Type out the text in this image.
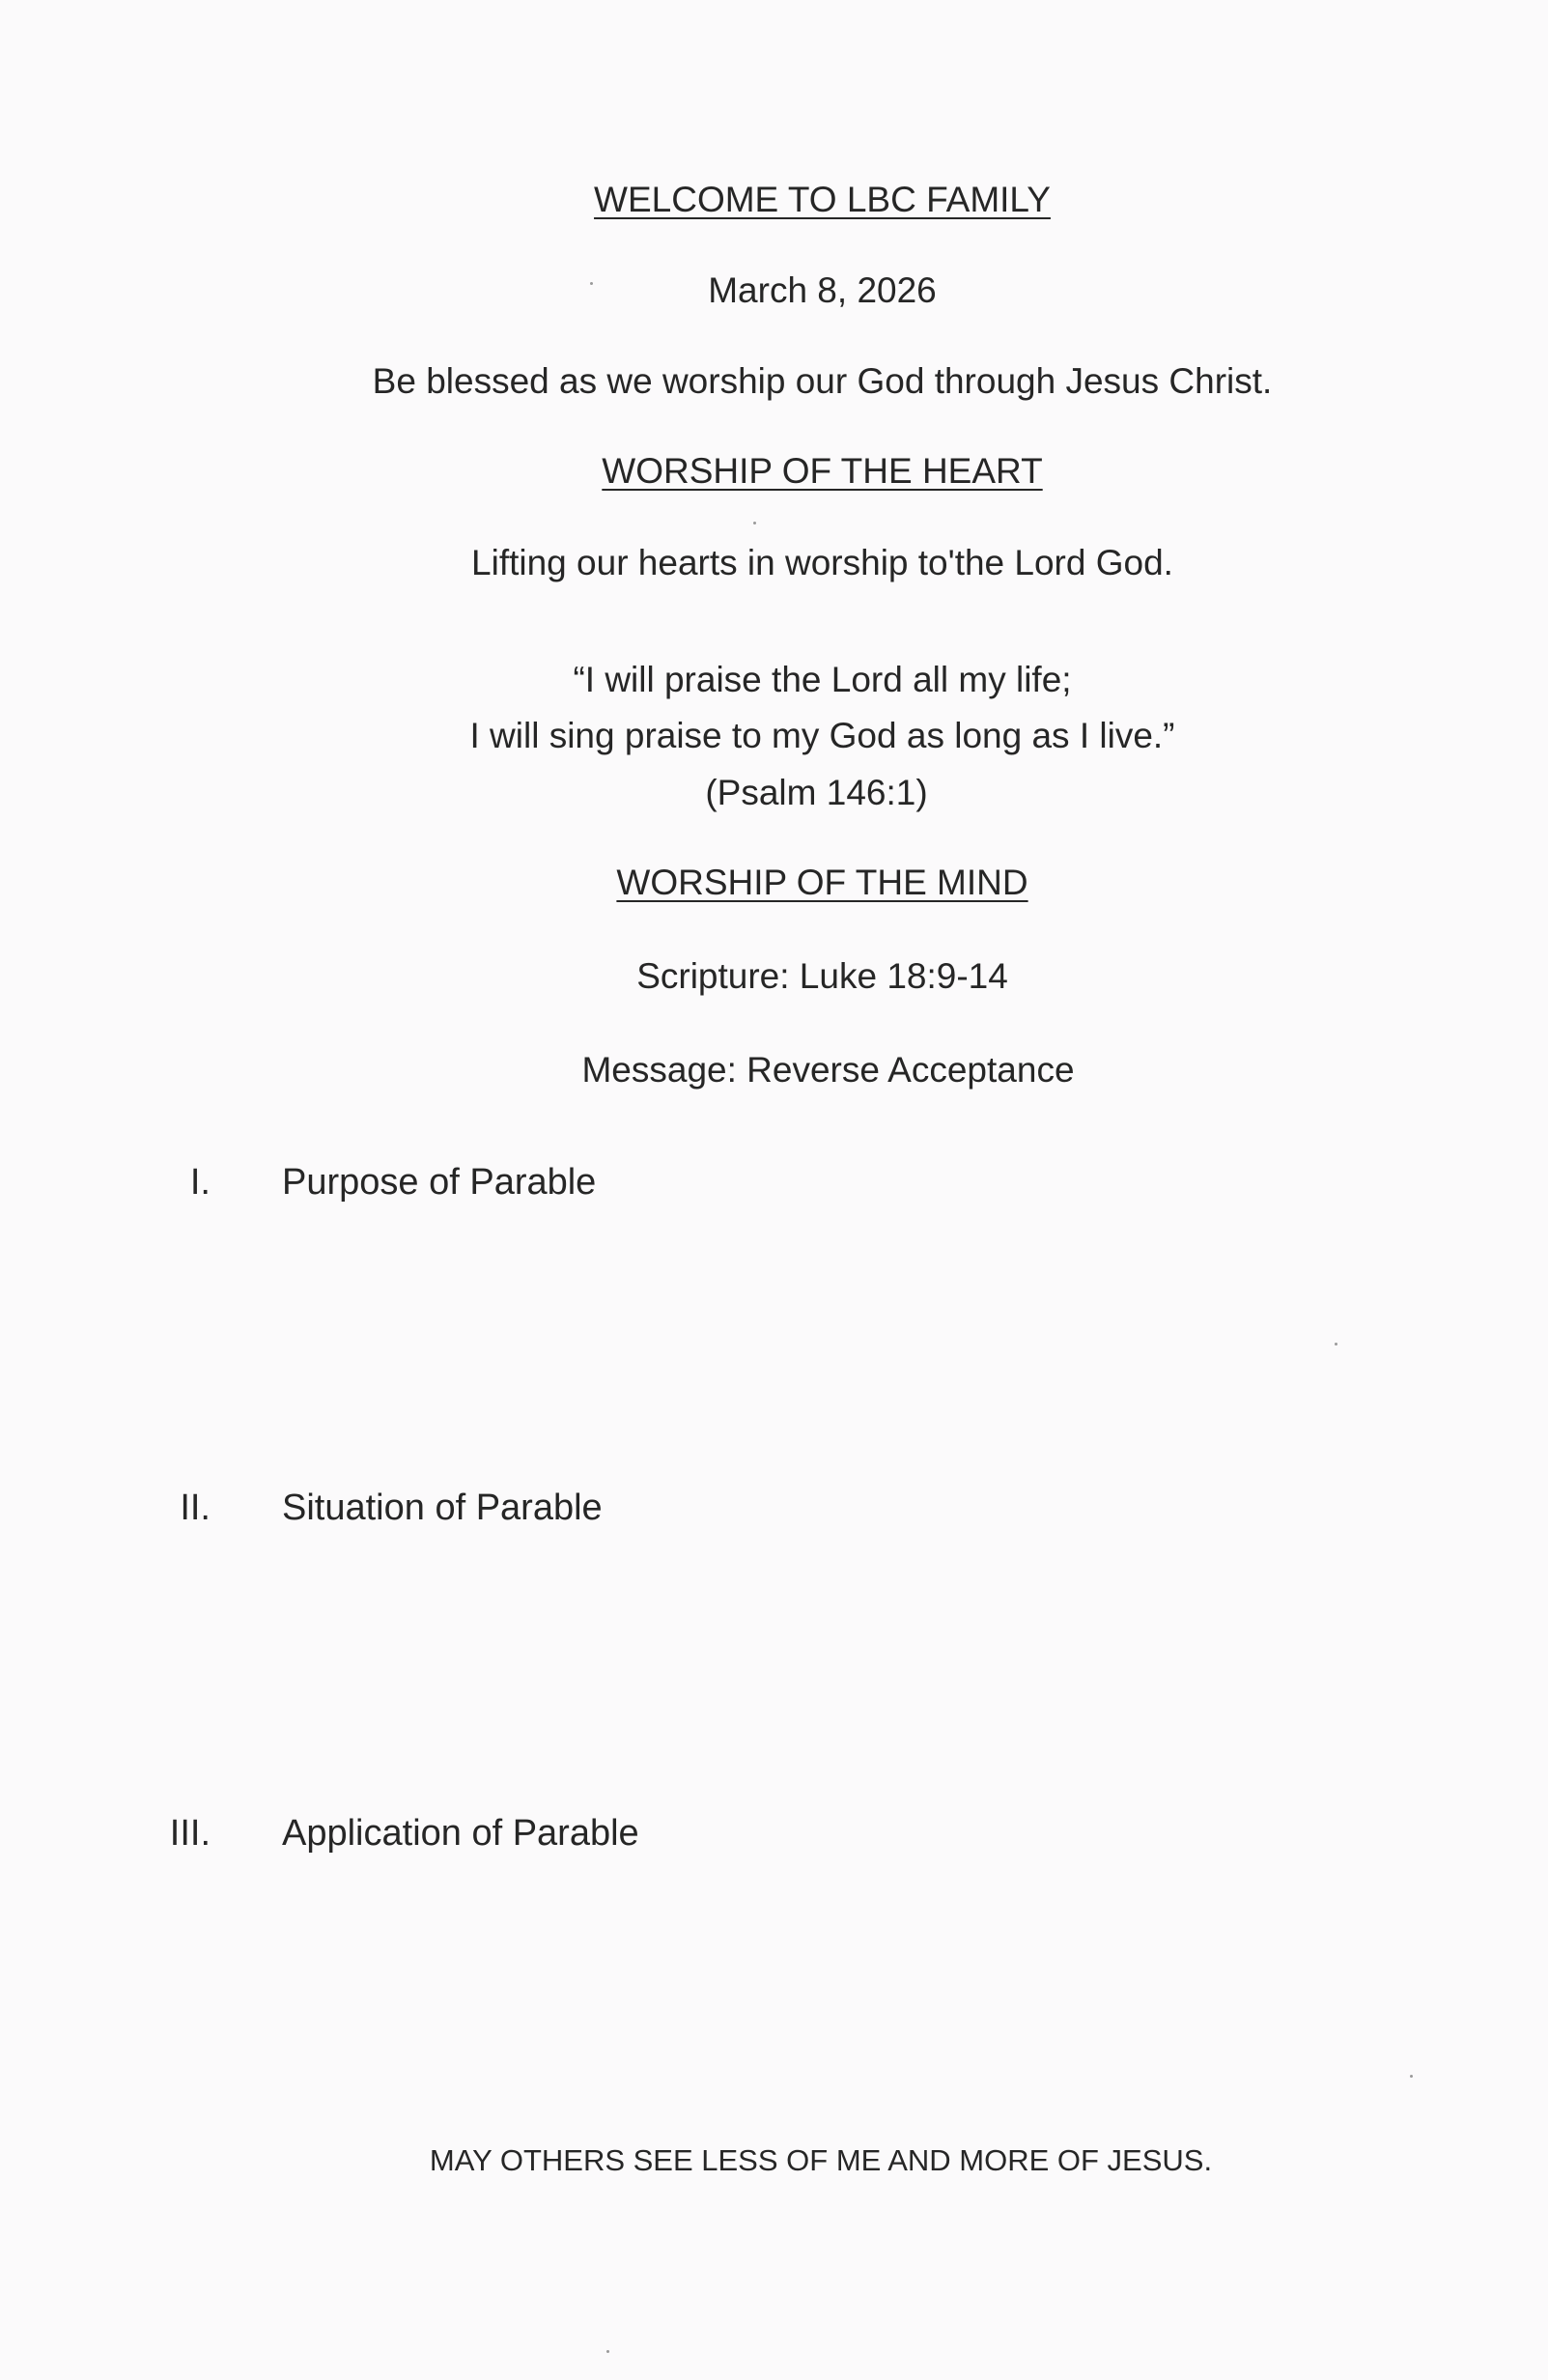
WELCOME TO LBC FAMILY
March 8, 2026
Be blessed as we worship our God through Jesus Christ.
WORSHIP OF THE HEART
Lifting our hearts in worship to'the Lord God.
“I will praise the Lord all my life;
I will sing praise to my God as long as I live.”
(Psalm 146:1)
WORSHIP OF THE MIND
Scripture: Luke 18:9-14
Message: Reverse Acceptance
I. Purpose of Parable
II. Situation of Parable
III. Application of Parable
MAY OTHERS SEE LESS OF ME AND MORE OF JESUS.
